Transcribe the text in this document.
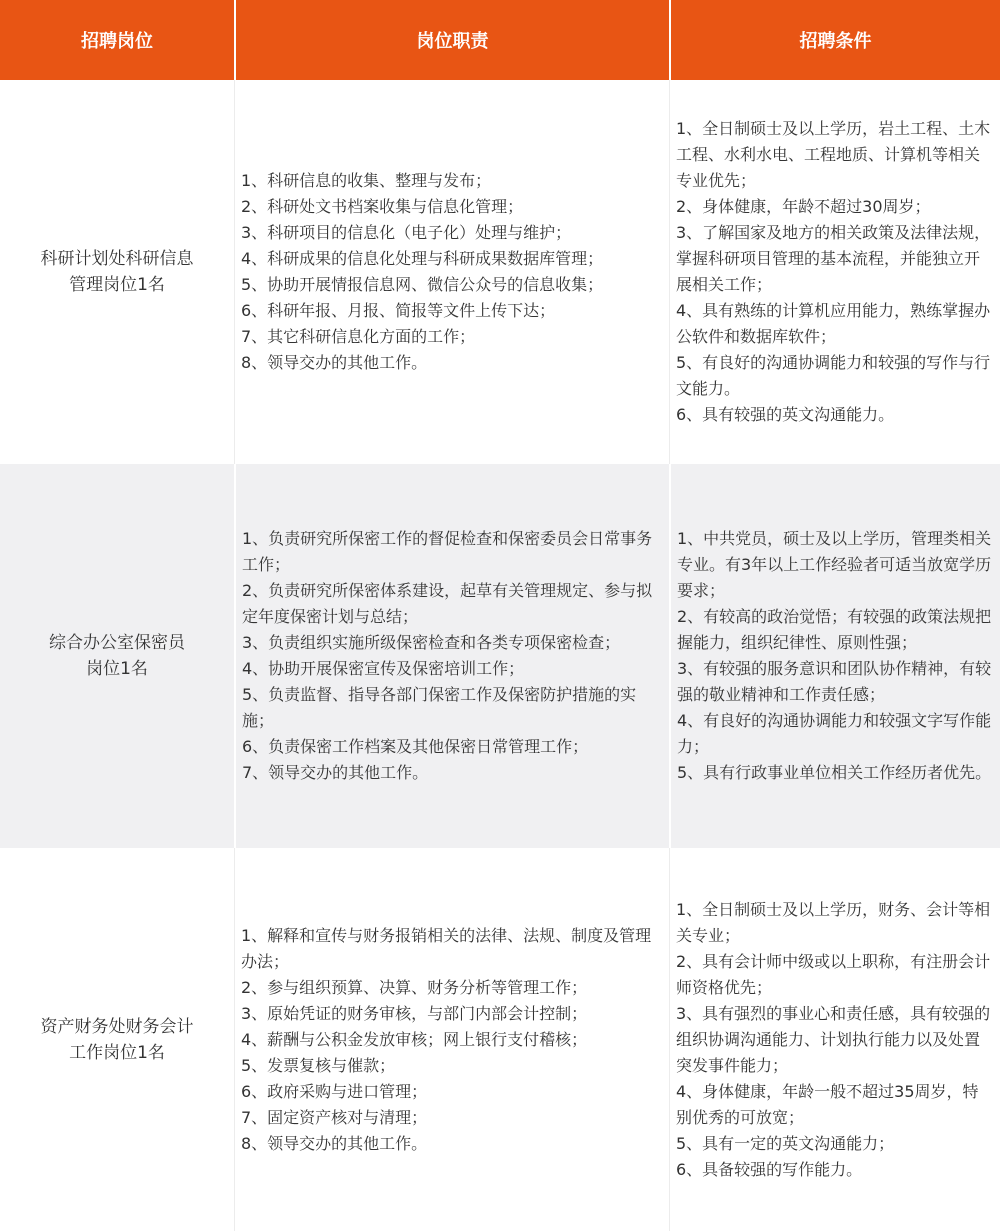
招聘岗位	岗位职责	招聘条件
科研计划处科研信息
管理岗位1名
1、科研信息的收集、整理与发布；
2、科研处文书档案收集与信息化管理；
3、科研项目的信息化（电子化）处理与维护；
4、科研成果的信息化处理与科研成果数据库管理；
5、协助开展情报信息网、微信公众号的信息收集；
6、科研年报、月报、简报等文件上传下达；
7、其它科研信息化方面的工作；
8、领导交办的其他工作。
1、全日制硕士及以上学历，岩土工程、土木工程、水利水电、工程地质、计算机等相关专业优先；
2、身体健康，年龄不超过30周岁；
3、了解国家及地方的相关政策及法律法规，掌握科研项目管理的基本流程，并能独立开展相关工作；
4、具有熟练的计算机应用能力，熟练掌握办公软件和数据库软件；
5、有良好的沟通协调能力和较强的写作与行文能力。
6、具有较强的英文沟通能力。
综合办公室保密员
岗位1名
1、负责研究所保密工作的督促检查和保密委员会日常事务工作；
2、负责研究所保密体系建设，起草有关管理规定、参与拟定年度保密计划与总结；
3、负责组织实施所级保密检查和各类专项保密检查；
4、协助开展保密宣传及保密培训工作；
5、负责监督、指导各部门保密工作及保密防护措施的实施；
6、负责保密工作档案及其他保密日常管理工作；
7、领导交办的其他工作。
1、中共党员，硕士及以上学历，管理类相关专业。有3年以上工作经验者可适当放宽学历要求；
2、有较高的政治觉悟；有较强的政策法规把握能力，组织纪律性、原则性强；
3、有较强的服务意识和团队协作精神，有较强的敬业精神和工作责任感；
4、有良好的沟通协调能力和较强文字写作能力；
5、具有行政事业单位相关工作经历者优先。
资产财务处财务会计
工作岗位1名
1、解释和宣传与财务报销相关的法律、法规、制度及管理办法；
2、参与组织预算、决算、财务分析等管理工作；
3、原始凭证的财务审核，与部门内部会计控制；
4、薪酬与公积金发放审核；网上银行支付稽核；
5、发票复核与催款；
6、政府采购与进口管理；
7、固定资产核对与清理；
8、领导交办的其他工作。
1、全日制硕士及以上学历，财务、会计等相关专业；
2、具有会计师中级或以上职称，有注册会计师资格优先；
3、具有强烈的事业心和责任感，具有较强的组织协调沟通能力、计划执行能力以及处置突发事件能力；
4、身体健康，年龄一般不超过35周岁，特别优秀的可放宽；
5、具有一定的英文沟通能力；
6、具备较强的写作能力。
